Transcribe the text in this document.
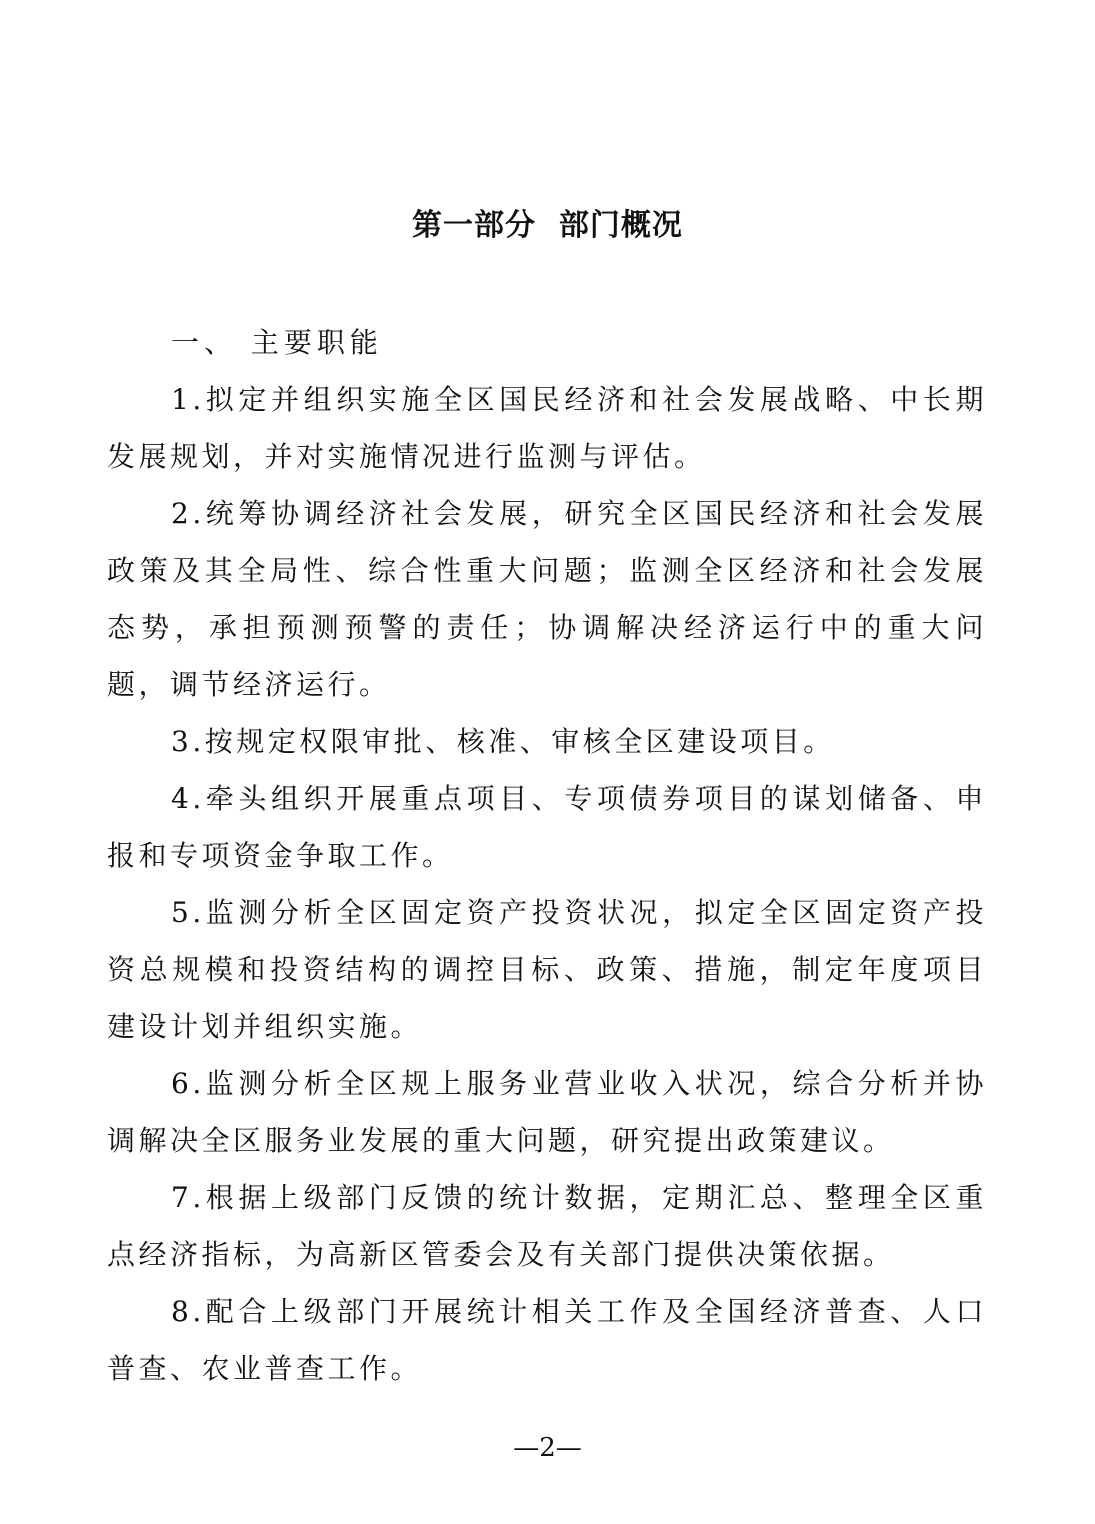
第一部分  部门概况

一、 主要职能

1.拟定并组织实施全区国民经济和社会发展战略、中长期发展规划，并对实施情况进行监测与评估。

2.统筹协调经济社会发展，研究全区国民经济和社会发展政策及其全局性、综合性重大问题；监测全区经济和社会发展态势，承担预测预警的责任；协调解决经济运行中的重大问题，调节经济运行。

3.按规定权限审批、核准、审核全区建设项目。

4.牵头组织开展重点项目、专项债券项目的谋划储备、申报和专项资金争取工作。

5.监测分析全区固定资产投资状况，拟定全区固定资产投资总规模和投资结构的调控目标、政策、措施，制定年度项目建设计划并组织实施。

6.监测分析全区规上服务业营业收入状况，综合分析并协调解决全区服务业发展的重大问题，研究提出政策建议。

7.根据上级部门反馈的统计数据，定期汇总、整理全区重点经济指标，为高新区管委会及有关部门提供决策依据。

8.配合上级部门开展统计相关工作及全国经济普查、人口普查、农业普查工作。

—2—
